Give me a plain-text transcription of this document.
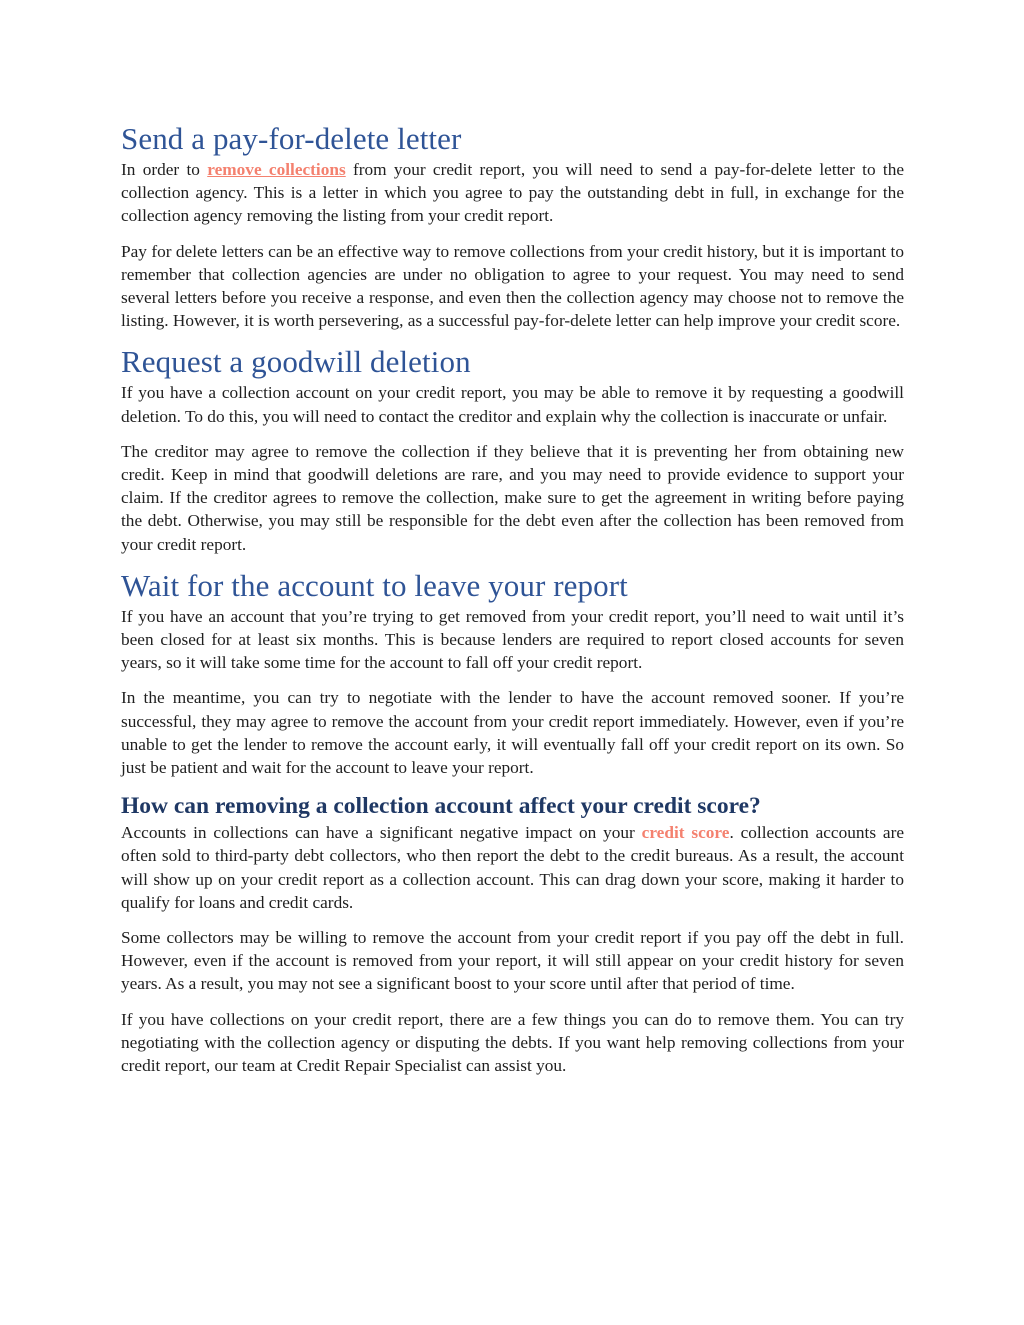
Send a pay-for-delete letter

In order to remove collections from your credit report, you will need to send a pay-for-delete letter to the collection agency. This is a letter in which you agree to pay the outstanding debt in full, in exchange for the collection agency removing the listing from your credit report.

Pay for delete letters can be an effective way to remove collections from your credit history, but it is important to remember that collection agencies are under no obligation to agree to your request. You may need to send several letters before you receive a response, and even then the collection agency may choose not to remove the listing. However, it is worth persevering, as a successful pay-for-delete letter can help improve your credit score.

Request a goodwill deletion

If you have a collection account on your credit report, you may be able to remove it by requesting a goodwill deletion. To do this, you will need to contact the creditor and explain why the collection is inaccurate or unfair.

The creditor may agree to remove the collection if they believe that it is preventing her from obtaining new credit. Keep in mind that goodwill deletions are rare, and you may need to provide evidence to support your claim. If the creditor agrees to remove the collection, make sure to get the agreement in writing before paying the debt. Otherwise, you may still be responsible for the debt even after the collection has been removed from your credit report.

Wait for the account to leave your report

If you have an account that you’re trying to get removed from your credit report, you’ll need to wait until it’s been closed for at least six months. This is because lenders are required to report closed accounts for seven years, so it will take some time for the account to fall off your credit report.

In the meantime, you can try to negotiate with the lender to have the account removed sooner. If you’re successful, they may agree to remove the account from your credit report immediately. However, even if you’re unable to get the lender to remove the account early, it will eventually fall off your credit report on its own. So just be patient and wait for the account to leave your report.

How can removing a collection account affect your credit score?

Accounts in collections can have a significant negative impact on your credit score. collection accounts are often sold to third-party debt collectors, who then report the debt to the credit bureaus. As a result, the account will show up on your credit report as a collection account. This can drag down your score, making it harder to qualify for loans and credit cards.

Some collectors may be willing to remove the account from your credit report if you pay off the debt in full. However, even if the account is removed from your report, it will still appear on your credit history for seven years. As a result, you may not see a significant boost to your score until after that period of time.

If you have collections on your credit report, there are a few things you can do to remove them. You can try negotiating with the collection agency or disputing the debts. If you want help removing collections from your credit report, our team at Credit Repair Specialist can assist you.
